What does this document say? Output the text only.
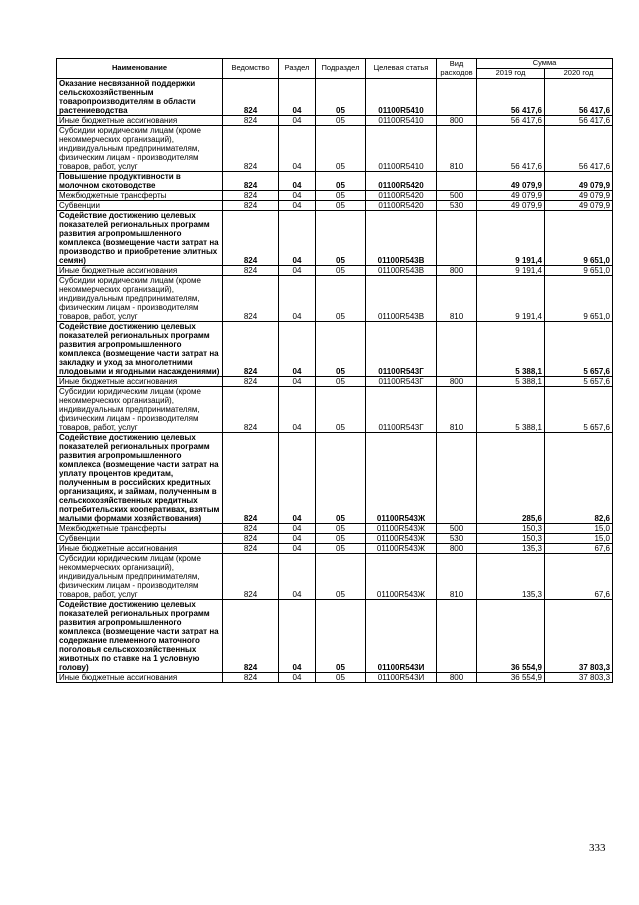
Наименование	Ведомство	Раздел	Подраздел	Целевая статья	Вид расходов	Сумма	
						2019 год	2020 год
Оказание несвязанной поддержки сельскохозяйственным товаропроизводителям в области растениеводства	824	04	05	01100R5410		56 417,6	56 417,6
Иные бюджетные ассигнования	824	04	05	01100R5410	800	56 417,6	56 417,6
Субсидии юридическим лицам (кроме некоммерческих организаций), индивидуальным предпринимателям, физическим лицам - производителям товаров, работ, услуг	824	04	05	01100R5410	810	56 417,6	56 417,6
Повышение продуктивности в молочном скотоводстве	824	04	05	01100R5420		49 079,9	49 079,9
Межбюджетные трансферты	824	04	05	01100R5420	500	49 079,9	49 079,9
Субвенции	824	04	05	01100R5420	530	49 079,9	49 079,9
Содействие достижению целевых показателей региональных программ развития агропромышленного комплекса (возмещение части затрат на производство и приобретение элитных семян)	824	04	05	01100R543В		9 191,4	9 651,0
Иные бюджетные ассигнования	824	04	05	01100R543В	800	9 191,4	9 651,0
Субсидии юридическим лицам (кроме некоммерческих организаций), индивидуальным предпринимателям, физическим лицам - производителям товаров, работ, услуг	824	04	05	01100R543В	810	9 191,4	9 651,0
Содействие достижению целевых показателей региональных программ развития агропромышленного комплекса (возмещение части затрат на закладку и уход за многолетними плодовыми и ягодными насаждениями)	824	04	05	01100R543Г		5 388,1	5 657,6
Иные бюджетные ассигнования	824	04	05	01100R543Г	800	5 388,1	5 657,6
Субсидии юридическим лицам (кроме некоммерческих организаций), индивидуальным предпринимателям, физическим лицам - производителям товаров, работ, услуг	824	04	05	01100R543Г	810	5 388,1	5 657,6
Содействие достижению целевых показателей региональных программ развития агропромышленного комплекса (возмещение части затрат на уплату процентов кредитам, полученным в российских кредитных организациях, и займам, полученным в сельскохозяйственных кредитных потребительских кооперативах, взятым малыми формами хозяйствования)	824	04	05	01100R543Ж		285,6	82,6
Межбюджетные трансферты	824	04	05	01100R543Ж	500	150,3	15,0
Субвенции	824	04	05	01100R543Ж	530	150,3	15,0
Иные бюджетные ассигнования	824	04	05	01100R543Ж	800	135,3	67,6
Субсидии юридическим лицам (кроме некоммерческих организаций), индивидуальным предпринимателям, физическим лицам - производителям товаров, работ, услуг	824	04	05	01100R543Ж	810	135,3	67,6
Содействие достижению целевых показателей региональных программ развития агропромышленного комплекса (возмещение части затрат на содержание племенного маточного поголовья сельскохозяйственных животных по ставке на 1 условную голову)	824	04	05	01100R543И		36 554,9	37 803,3
Иные бюджетные ассигнования	824	04	05	01100R543И	800	36 554,9	37 803,3
333
